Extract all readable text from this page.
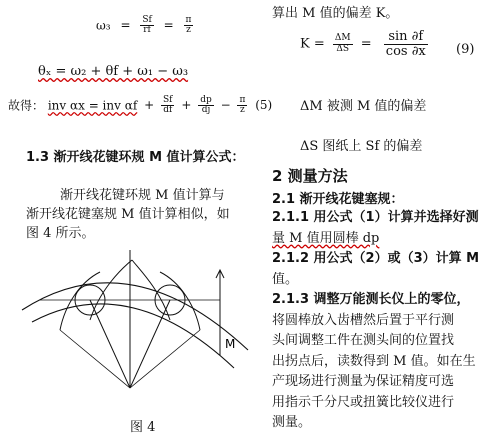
$\omega_3 = \frac{Sf}{rf} = \frac{\pi}{z}$
θₓ = ω₂ + θf + ω₁ − ω₃
故得： inv αx = inv $\alpha f + \frac{Sf}{df} + \frac{dp}{dj} - \frac{\pi}{z} (5)$
1.3 渐开线花键环规 M 值计算公式：
渐开线花键环规 M 值计算与
渐开线花键塞规 M 值计算相似，如
图 4 所示。
M
图 4
算出 M 值的偏差 K。
$K = \frac{\Delta M}{\Delta S} = \frac{\sin \partial f}{\cos \partial x} (9)$
ΔM 被测 M 值的偏差
ΔS 图纸上 Sf 的偏差
2 测量方法
2.1 渐开线花键塞规：
2.1.1 用公式（1）计算并选择好测
量 M 值用圆棒 dp
2.1.2 用公式（2）或（3）计算 M
值。
2.1.3 调整万能测长仪上的零位，
将圆棒放入齿槽然后置于平行测
头间调整工件在测头间的位置找
出拐点后，读数得到 M 值。如在生
产现场进行测量为保证精度可选
用指示千分尺或扭簧比较仪进行
测量。
